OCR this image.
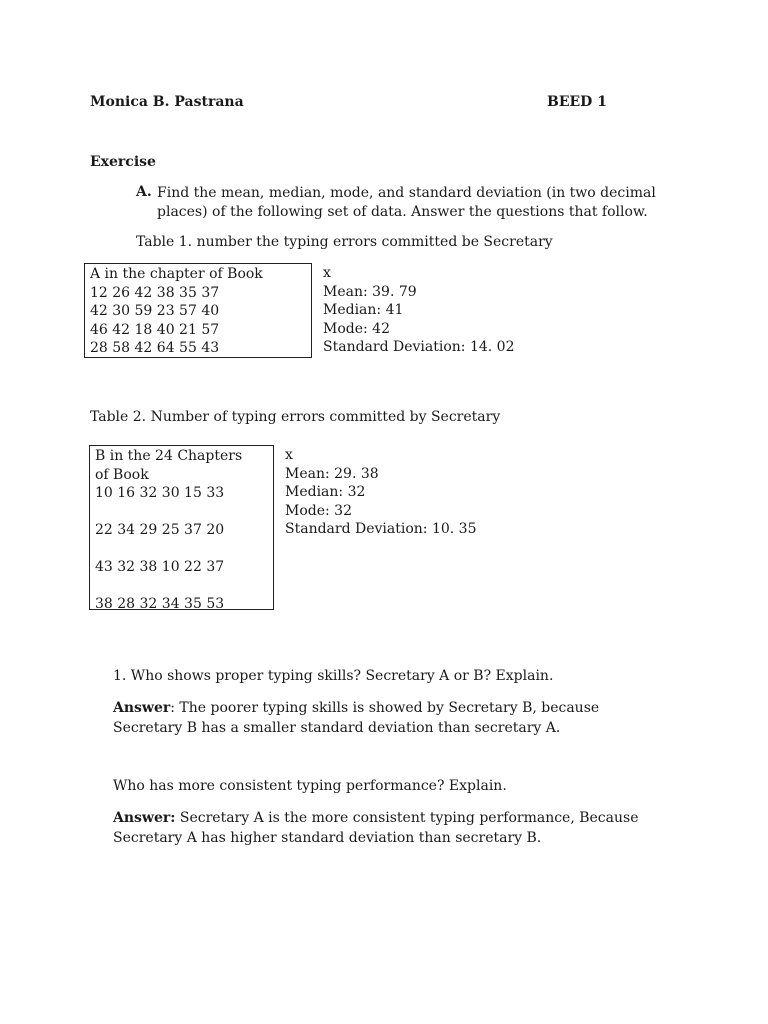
Monica B. Pastrana	BEED 1
Exercise
A. Find the mean, median, mode, and standard deviation (in two decimal
places) of the following set of data. Answer the questions that follow.
Table 1. number the typing errors committed be Secretary
A in the chapter of Book
12 26 42 38 35 37
42 30 59 23 57 40
46 42 18 40 21 57
28 58 42 64 55 43
x
Mean: 39. 79
Median: 41
Mode: 42
Standard Deviation: 14. 02
Table 2. Number of typing errors committed by Secretary
B in the 24 Chapters
of Book
10 16 32 30 15 33
22 34 29 25 37 20
43 32 38 10 22 37
38 28 32 34 35 53
x
Mean: 29. 38
Median: 32
Mode: 32
Standard Deviation: 10. 35
1. Who shows proper typing skills? Secretary A or B? Explain.
Answer: The poorer typing skills is showed by Secretary B, because
Secretary B has a smaller standard deviation than secretary A.
Who has more consistent typing performance? Explain.
Answer: Secretary A is the more consistent typing performance, Because
Secretary A has higher standard deviation than secretary B.
